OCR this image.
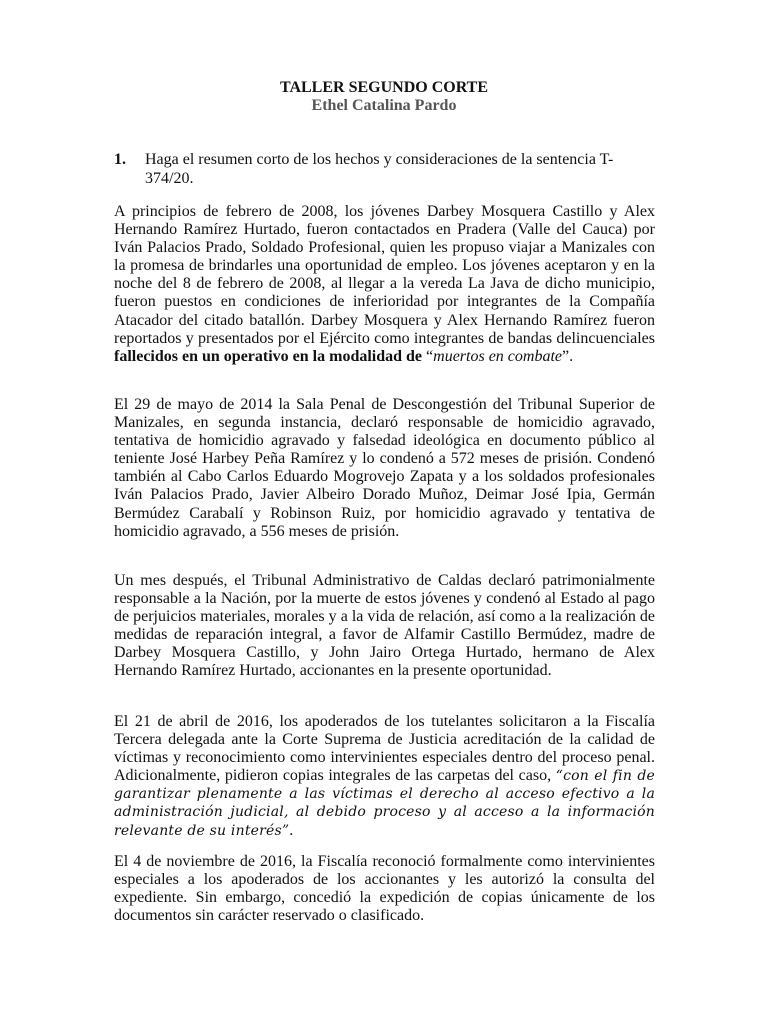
TALLER SEGUNDO CORTE
Ethel Catalina Pardo
1. Haga el resumen corto de los hechos y consideraciones de la sentencia T-374/20.

A principios de febrero de 2008, los jóvenes Darbey Mosquera Castillo y Alex Hernando Ramírez Hurtado, fueron contactados en Pradera (Valle del Cauca) por Iván Palacios Prado, Soldado Profesional, quien les propuso viajar a Manizales con la promesa de brindarles una oportunidad de empleo. Los jóvenes aceptaron y en la noche del 8 de febrero de 2008, al llegar a la vereda La Java de dicho municipio, fueron puestos en condiciones de inferioridad por integrantes de la Compañía Atacador del citado batallón. Darbey Mosquera y Alex Hernando Ramírez fueron reportados y presentados por el Ejército como integrantes de bandas delincuenciales fallecidos en un operativo en la modalidad de “muertos en combate”.

El 29 de mayo de 2014 la Sala Penal de Descongestión del Tribunal Superior de Manizales, en segunda instancia, declaró responsable de homicidio agravado, tentativa de homicidio agravado y falsedad ideológica en documento público al teniente José Harbey Peña Ramírez y lo condenó a 572 meses de prisión. Condenó también al Cabo Carlos Eduardo Mogrovejo Zapata y a los soldados profesionales Iván Palacios Prado, Javier Albeiro Dorado Muñoz, Deimar José Ipia, Germán Bermúdez Carabalí y Robinson Ruiz, por homicidio agravado y tentativa de homicidio agravado, a 556 meses de prisión.

Un mes después, el Tribunal Administrativo de Caldas declaró patrimonialmente responsable a la Nación, por la muerte de estos jóvenes y condenó al Estado al pago de perjuicios materiales, morales y a la vida de relación, así como a la realización de medidas de reparación integral, a favor de Alfamir Castillo Bermúdez, madre de Darbey Mosquera Castillo, y John Jairo Ortega Hurtado, hermano de Alex Hernando Ramírez Hurtado, accionantes en la presente oportunidad.

El 21 de abril de 2016, los apoderados de los tutelantes solicitaron a la Fiscalía Tercera delegada ante la Corte Suprema de Justicia acreditación de la calidad de víctimas y reconocimiento como intervinientes especiales dentro del proceso penal. Adicionalmente, pidieron copias integrales de las carpetas del caso, “con el fin de garantizar plenamente a las víctimas el derecho al acceso efectivo a la administración judicial, al debido proceso y al acceso a la información relevante de su interés”.

El 4 de noviembre de 2016, la Fiscalía reconoció formalmente como intervinientes especiales a los apoderados de los accionantes y les autorizó la consulta del expediente. Sin embargo, concedió la expedición de copias únicamente de los documentos sin carácter reservado o clasificado.
